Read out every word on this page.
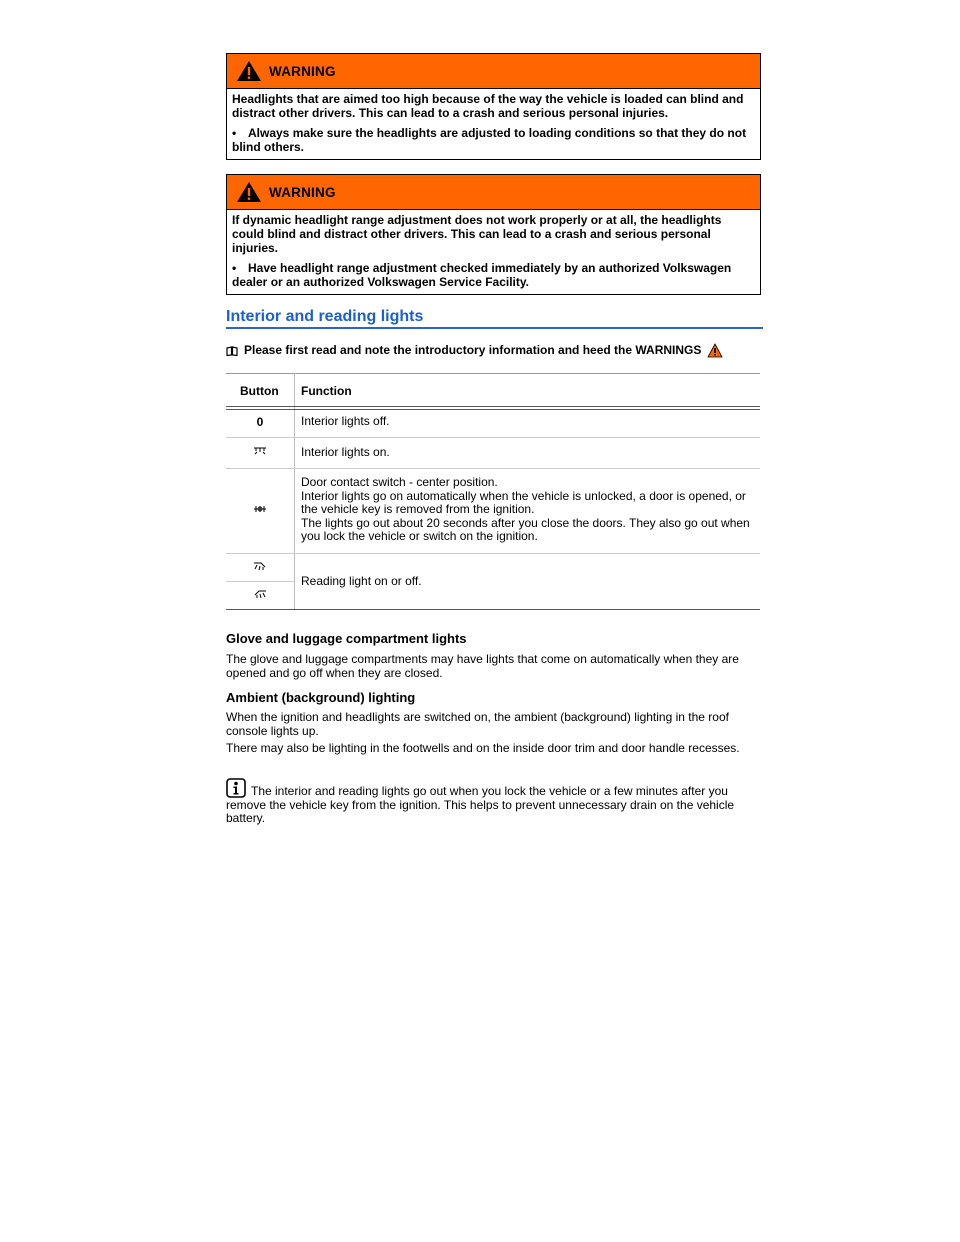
WARNING

Headlights that are aimed too high because of the way the vehicle is loaded can blind and distract other drivers. This can lead to a crash and serious personal injuries.

• Always make sure the headlights are adjusted to loading conditions so that they do not blind others.

WARNING

If dynamic headlight range adjustment does not work properly or at all, the headlights could blind and distract other drivers. This can lead to a crash and serious personal injuries.

• Have headlight range adjustment checked immediately by an authorized Volkswagen dealer or an authorized Volkswagen Service Facility.

Interior and reading lights
Please first read and note the introductory information and heed the WARNINGS
Button Function
0	Interior lights off.
Interior lights on.
Door contact switch - center position.
Interior lights go on automatically when the vehicle is unlocked, a door is opened, or
the vehicle key is removed from the ignition.
The lights go out about 20 seconds after you close the doors. They also go out when
you lock the vehicle or switch on the ignition.
Reading light on or off.
Glove and luggage compartment lights
The glove and luggage compartments may have lights that come on automatically when they are opened and go off when they are closed.
Ambient (background) lighting
When the ignition and headlights are switched on, the ambient (background) lighting in the roof console lights up.
There may also be lighting in the footwells and on the inside door trim and door handle recesses.
The interior and reading lights go out when you lock the vehicle or a few minutes after you remove the vehicle key from the ignition. This helps to prevent unnecessary drain on the vehicle battery.
